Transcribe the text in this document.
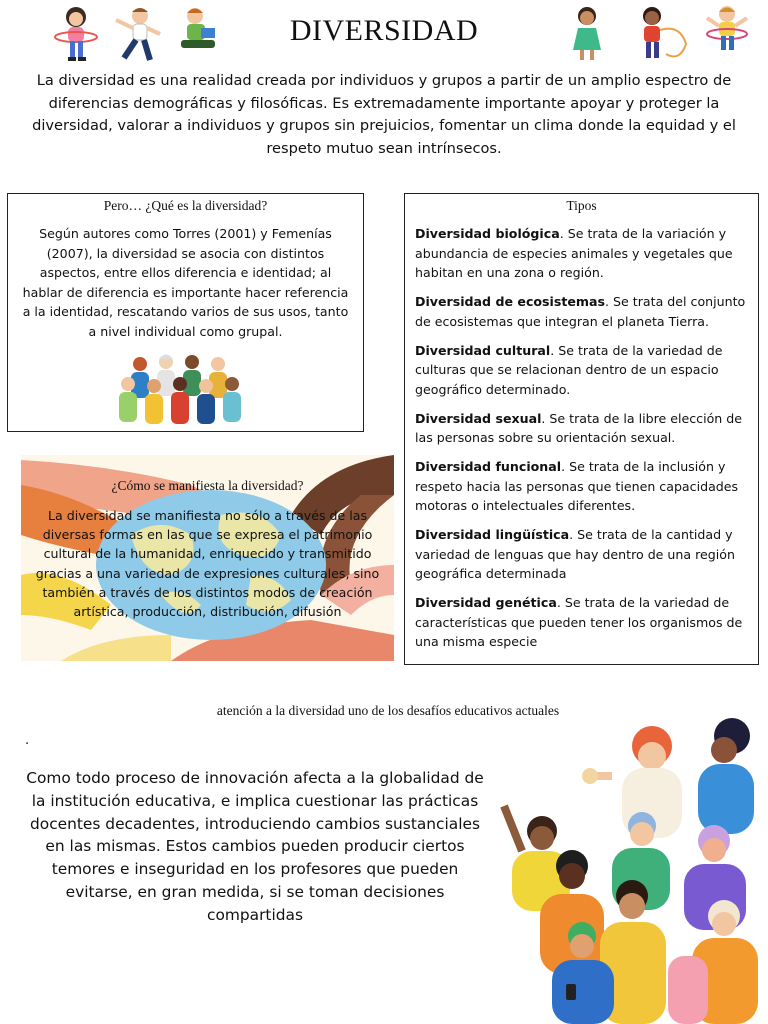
DIVERSIDAD
La diversidad es una realidad creada por individuos y grupos a partir de un amplio espectro de diferencias demográficas y filosóficas. Es extremadamente importante apoyar y proteger la diversidad, valorar a individuos y grupos sin prejuicios, fomentar un clima donde la equidad y el respeto mutuo sean intrínsecos.
Pero… ¿Qué es la diversidad?
Según autores como Torres (2001) y Femenías (2007), la diversidad se asocia con distintos aspectos, entre ellos diferencia e identidad; al hablar de diferencia es importante hacer referencia a la identidad, rescatando varios de sus usos, tanto a nivel individual como grupal.
Tipos
Diversidad biológica. Se trata de la variación y abundancia de especies animales y vegetales que habitan en una zona o región.
Diversidad de ecosistemas. Se trata del conjunto de ecosistemas que integran el planeta Tierra.
Diversidad cultural. Se trata de la variedad de culturas que se relacionan dentro de un espacio geográfico determinado.
Diversidad sexual. Se trata de la libre elección de las personas sobre su orientación sexual.
Diversidad funcional. Se trata de la inclusión y respeto hacia las personas que tienen capacidades motoras o intelectuales diferentes.
Diversidad lingüística. Se trata de la cantidad y variedad de lenguas que hay dentro de una región geográfica determinada
Diversidad genética. Se trata de la variedad de características que pueden tener los organismos de una misma especie
¿Cómo se manifiesta la diversidad?
La diversidad se manifiesta no sólo a través de las diversas formas en las que se expresa el patrimonio cultural de la humanidad, enriquecido y transmitido gracias a una variedad de expresiones culturales, sino también a través de los distintos modos de creación artística, producción, distribución, difusión
atención a la diversidad uno de los desafíos educativos actuales
.
Como todo proceso de innovación afecta a la globalidad de la institución educativa, e implica cuestionar las prácticas docentes decadentes, introduciendo cambios sustanciales en las mismas. Estos cambios pueden producir ciertos temores e inseguridad en los profesores que pueden evitarse, en gran medida, si se toman decisiones compartidas
